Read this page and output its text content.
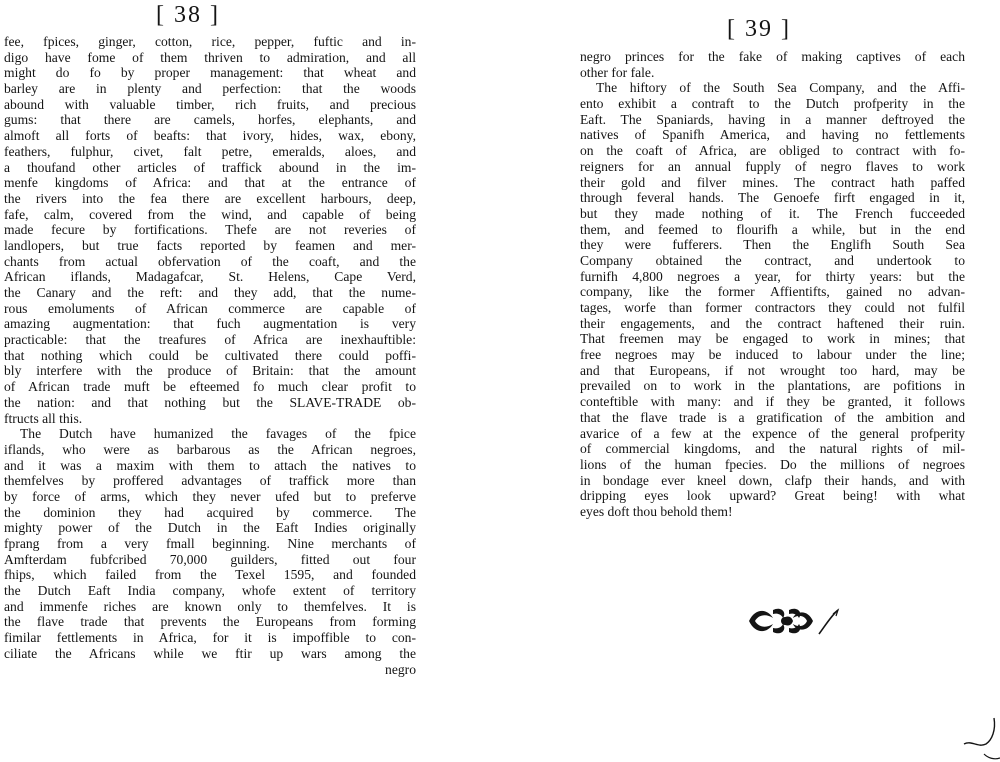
[ 38 ]
fee, fpices, ginger, cotton, rice, pepper, fuftic and in-
digo have fome of them thriven to admiration, and all
might do fo by proper management: that wheat and
barley are in plenty and perfection: that the woods
abound with valuable timber, rich fruits, and precious
gums: that there are camels, horfes, elephants, and
almoft all forts of beafts: that ivory, hides, wax, ebony,
feathers, fulphur, civet, falt petre, emeralds, aloes, and
a thoufand other articles of traffick abound in the im-
menfe kingdoms of Africa: and that at the entrance of
the rivers into the fea there are excellent harbours, deep,
fafe, calm, covered from the wind, and capable of being
made fecure by fortifications. Thefe are not reveries of
landlopers, but true facts reported by feamen and mer-
chants from actual obfervation of the coaft, and the
African iflands, Madagafcar, St. Helens, Cape Verd,
the Canary and the reft: and they add, that the nume-
rous emoluments of African commerce are capable of
amazing augmentation: that fuch augmentation is very
practicable: that the treafures of Africa are inexhauftible:
that nothing which could be cultivated there could poffi-
bly interfere with the produce of Britain: that the amount
of African trade muft be efteemed fo much clear profit to
the nation: and that nothing but the SLAVE-TRADE ob-
ftructs all this.
The Dutch have humanized the favages of the fpice
iflands, who were as barbarous as the African negroes,
and it was a maxim with them to attach the natives to
themfelves by proffered advantages of traffick more than
by force of arms, which they never ufed but to preferve
the dominion they had acquired by commerce. The
mighty power of the Dutch in the Eaft Indies originally
fprang from a very fmall beginning. Nine merchants of
Amfterdam fubfcribed 70,000 guilders, fitted out four
fhips, which failed from the Texel 1595, and founded
the Dutch Eaft India company, whofe extent of territory
and immenfe riches are known only to themfelves. It is
the flave trade that prevents the Europeans from forming
fimilar fettlements in Africa, for it is impoffible to con-
ciliate the Africans while we ftir up wars among the
negro
[ 39 ]
negro princes for the fake of making captives of each
other for fale.
The hiftory of the South Sea Company, and the Affi-
ento exhibit a contraft to the Dutch profperity in the
Eaft. The Spaniards, having in a manner deftroyed the
natives of Spanifh America, and having no fettlements
on the coaft of Africa, are obliged to contract with fo-
reigners for an annual fupply of negro flaves to work
their gold and filver mines. The contract hath paffed
through feveral hands. The Genoefe firft engaged in it,
but they made nothing of it. The French fucceeded
them, and feemed to flourifh a while, but in the end
they were fufferers. Then the Englifh South Sea
Company obtained the contract, and undertook to
furnifh 4,800 negroes a year, for thirty years: but the
company, like the former Affientifts, gained no advan-
tages, worfe than former contractors they could not fulfil
their engagements, and the contract haftened their ruin.
That freemen may be engaged to work in mines; that
free negroes may be induced to labour under the line;
and that Europeans, if not wrought too hard, may be
prevailed on to work in the plantations, are pofitions in
conteftible with many: and if they be granted, it follows
that the flave trade is a gratification of the ambition and
avarice of a few at the expence of the general profperity
of commercial kingdoms, and the natural rights of mil-
lions of the human fpecies. Do the millions of negroes
in bondage ever kneel down, clafp their hands, and with
dripping eyes look upward? Great being! with what
eyes doft thou behold them!
